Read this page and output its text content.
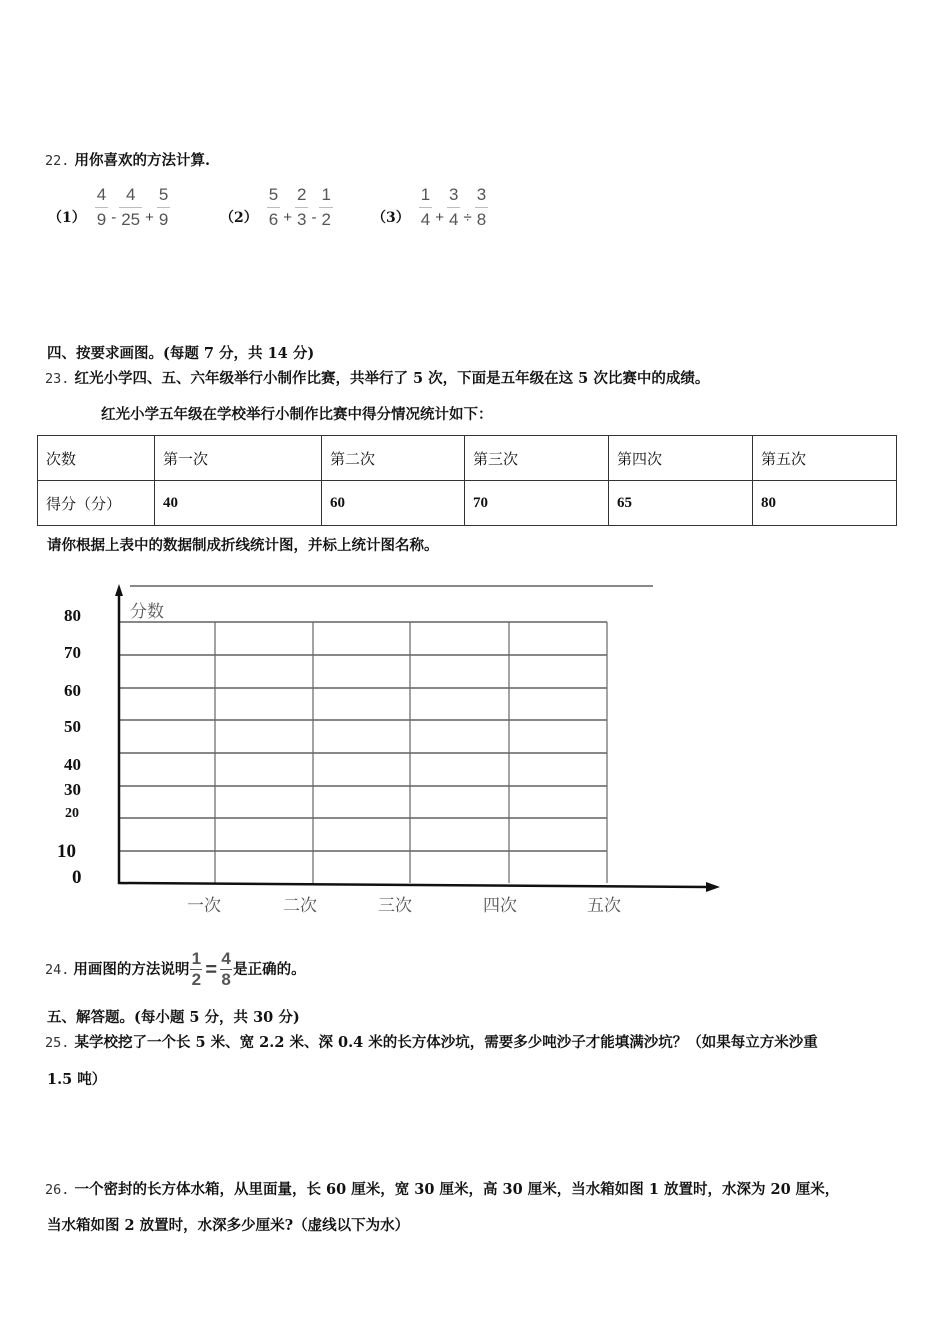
22. 用你喜欢的方法计算.
$(1) \frac{4}{9} - \frac{4}{25} + \frac{5}{9}$	$(2) \frac{5}{6} + \frac{2}{3} - \frac{1}{2}$	$(3) \frac{1}{4} + \frac{3}{4} \div \frac{3}{8}$
四、按要求画图。(每题 7 分，共 14 分)
23. 红光小学四、五、六年级举行小制作比赛，共举行了 5 次，下面是五年级在这 5 次比赛中的成绩。
红光小学五年级在学校举行小制作比赛中得分情况统计如下：
次数	第一次	第二次	第三次	第四次	第五次
得分（分）	40	60	70	65	80
请你根据上表中的数据制成折线统计图，并标上统计图名称。
分数
80
70
60
50
40
30
20
10
0
一次	二次	三次	四次	五次
24. 用画图的方法说明 $\frac{1}{2} = \frac{4}{8}$ 是正确的。
五、解答题。(每小题 5 分，共 30 分)
25. 某学校挖了一个长 5 米、宽 2.2 米、深 0.4 米的长方体沙坑，需要多少吨沙子才能填满沙坑？（如果每立方米沙重
1.5 吨）
26. 一个密封的长方体水箱，从里面量，长 60 厘米，宽 30 厘米，高 30 厘米，当水箱如图 1 放置时，水深为 20 厘米，
当水箱如图 2 放置时，水深多少厘米?（虚线以下为水）
